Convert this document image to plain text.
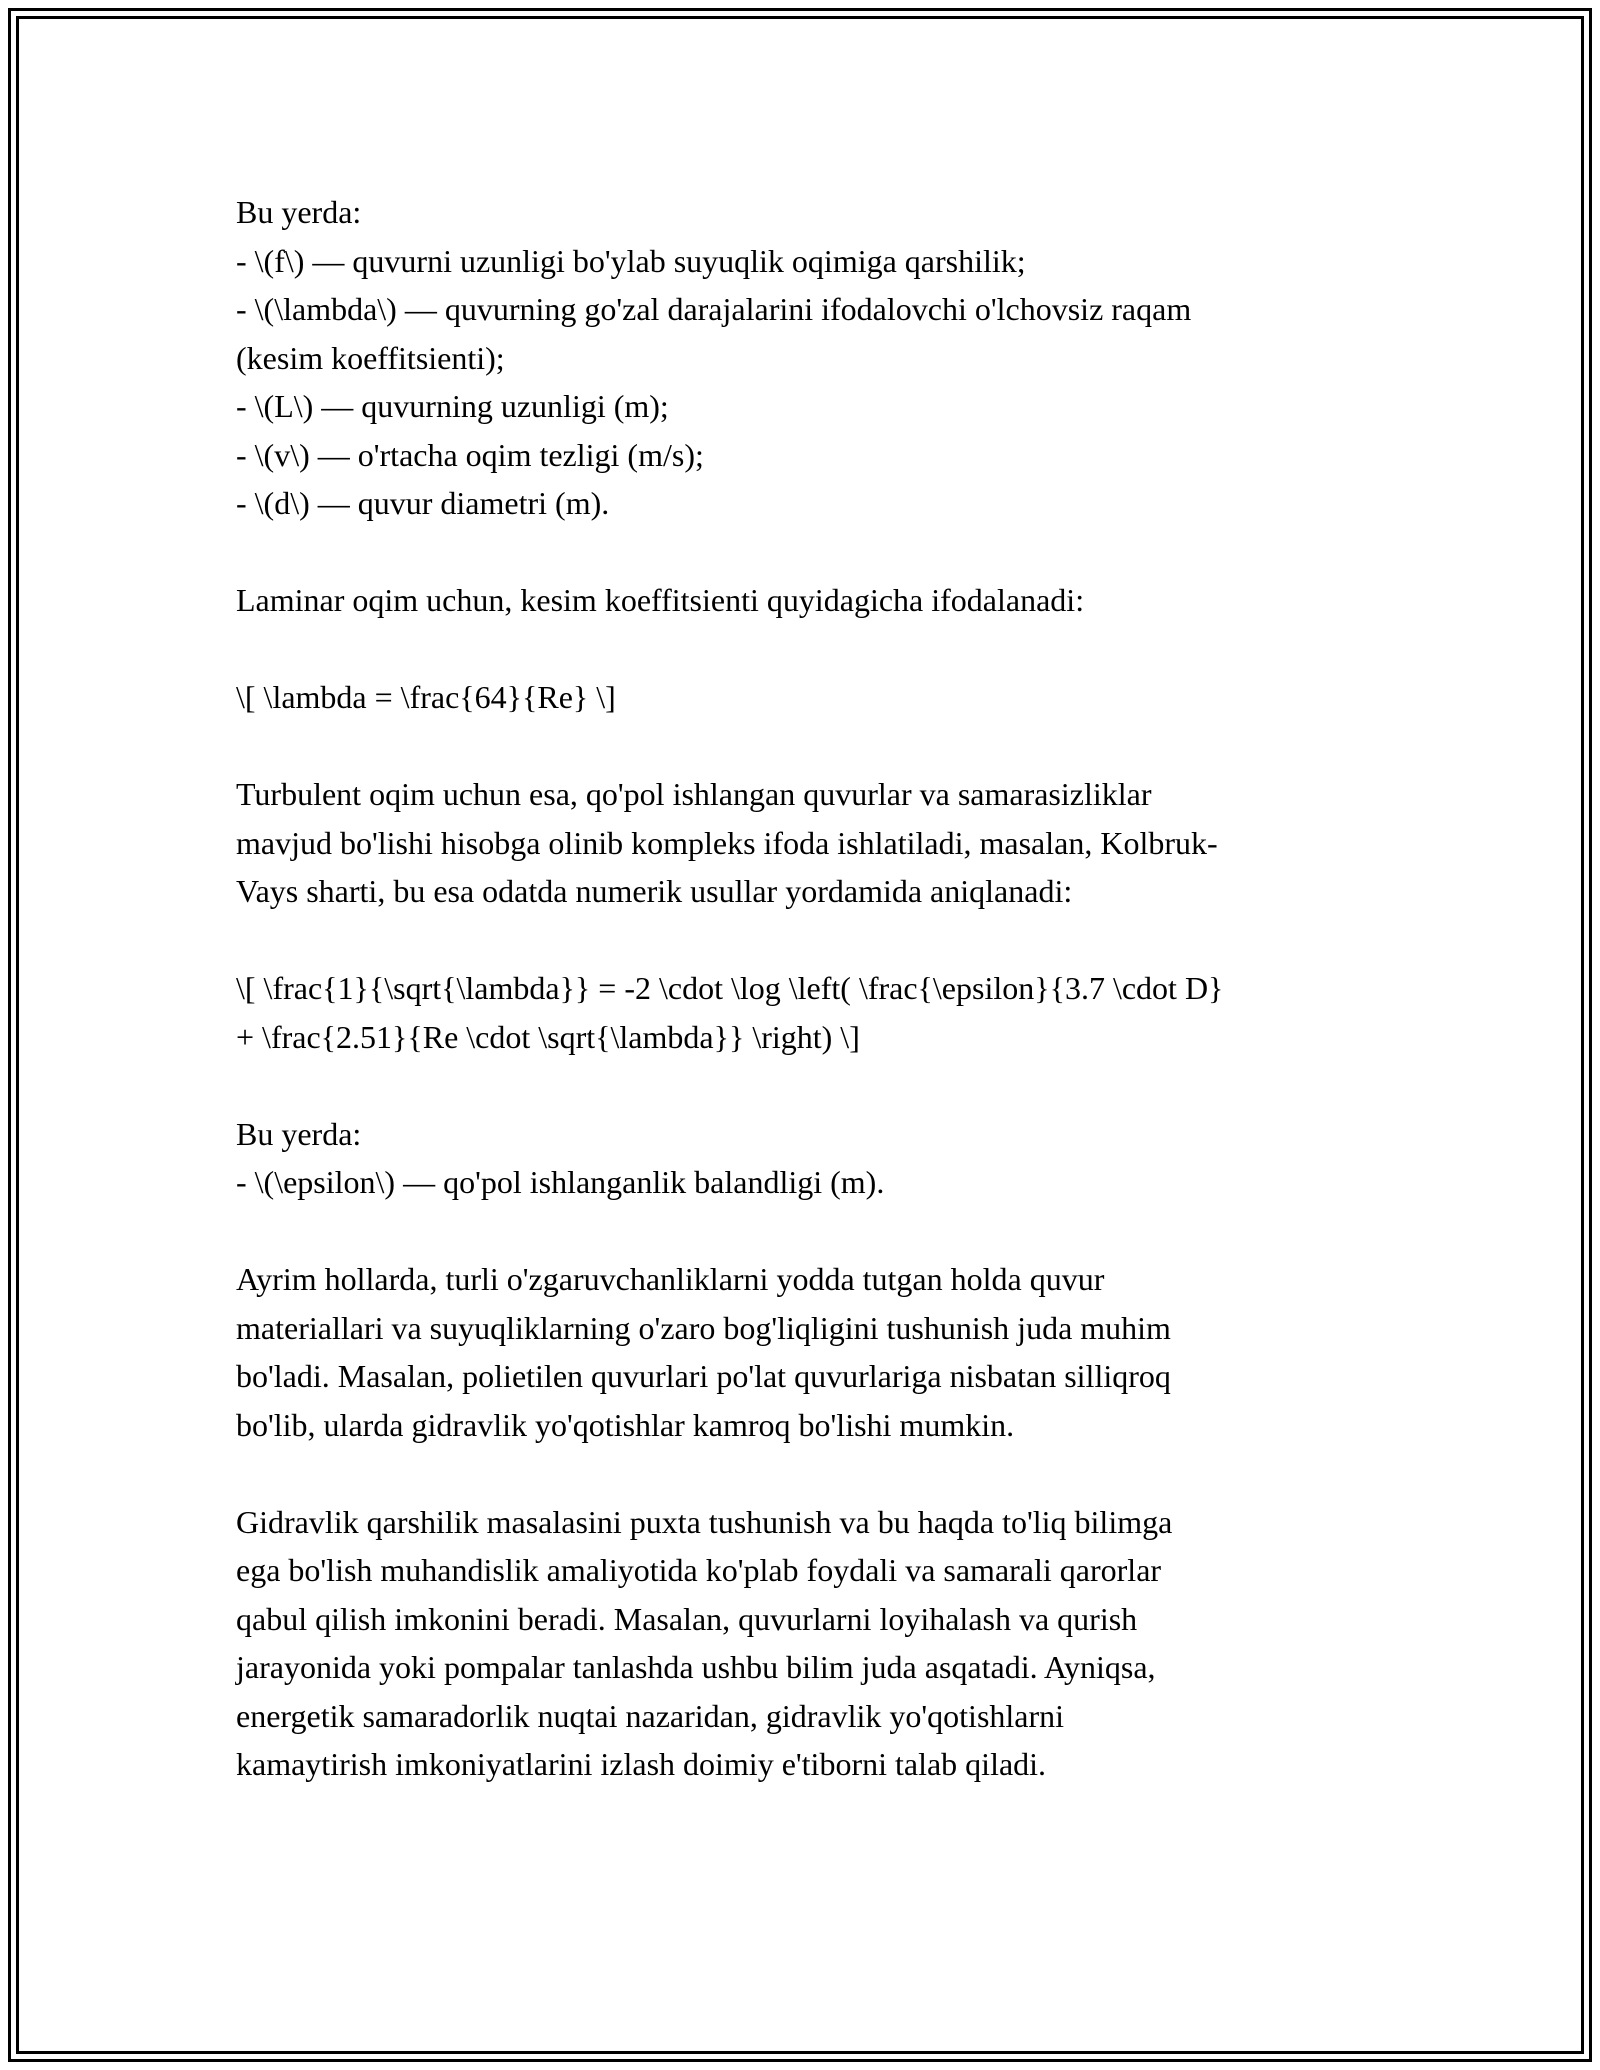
Bu yerda:
- \(f\) — quvurni uzunligi bo'ylab suyuqlik oqimiga qarshilik;
- \(\lambda\) — quvurning go'zal darajalarini ifodalovchi o'lchovsiz raqam
(kesim koeffitsienti);
- \(L\) — quvurning uzunligi (m);
- \(v\) — o'rtacha oqim tezligi (m/s);
- \(d\) — quvur diametri (m).

Laminar oqim uchun, kesim koeffitsienti quyidagicha ifodalanadi:

\[ \lambda = \frac{64}{Re} \]

Turbulent oqim uchun esa, qo'pol ishlangan quvurlar va samarasizliklar
mavjud bo'lishi hisobga olinib kompleks ifoda ishlatiladi, masalan, Kolbruk-
Vays sharti, bu esa odatda numerik usullar yordamida aniqlanadi:

\[ \frac{1}{\sqrt{\lambda}} = -2 \cdot \log \left( \frac{\epsilon}{3.7 \cdot D}
+ \frac{2.51}{Re \cdot \sqrt{\lambda}} \right) \]

Bu yerda:
- \(\epsilon\) — qo'pol ishlanganlik balandligi (m).

Ayrim hollarda, turli o'zgaruvchanliklarni yodda tutgan holda quvur
materiallari va suyuqliklarning o'zaro bog'liqligini tushunish juda muhim
bo'ladi. Masalan, polietilen quvurlari po'lat quvurlariga nisbatan silliqroq
bo'lib, ularda gidravlik yo'qotishlar kamroq bo'lishi mumkin.

Gidravlik qarshilik masalasini puxta tushunish va bu haqda to'liq bilimga
ega bo'lish muhandislik amaliyotida ko'plab foydali va samarali qarorlar
qabul qilish imkonini beradi. Masalan, quvurlarni loyihalash va qurish
jarayonida yoki pompalar tanlashda ushbu bilim juda asqatadi. Ayniqsa,
energetik samaradorlik nuqtai nazaridan, gidravlik yo'qotishlarni
kamaytirish imkoniyatlarini izlash doimiy e'tiborni talab qiladi.
